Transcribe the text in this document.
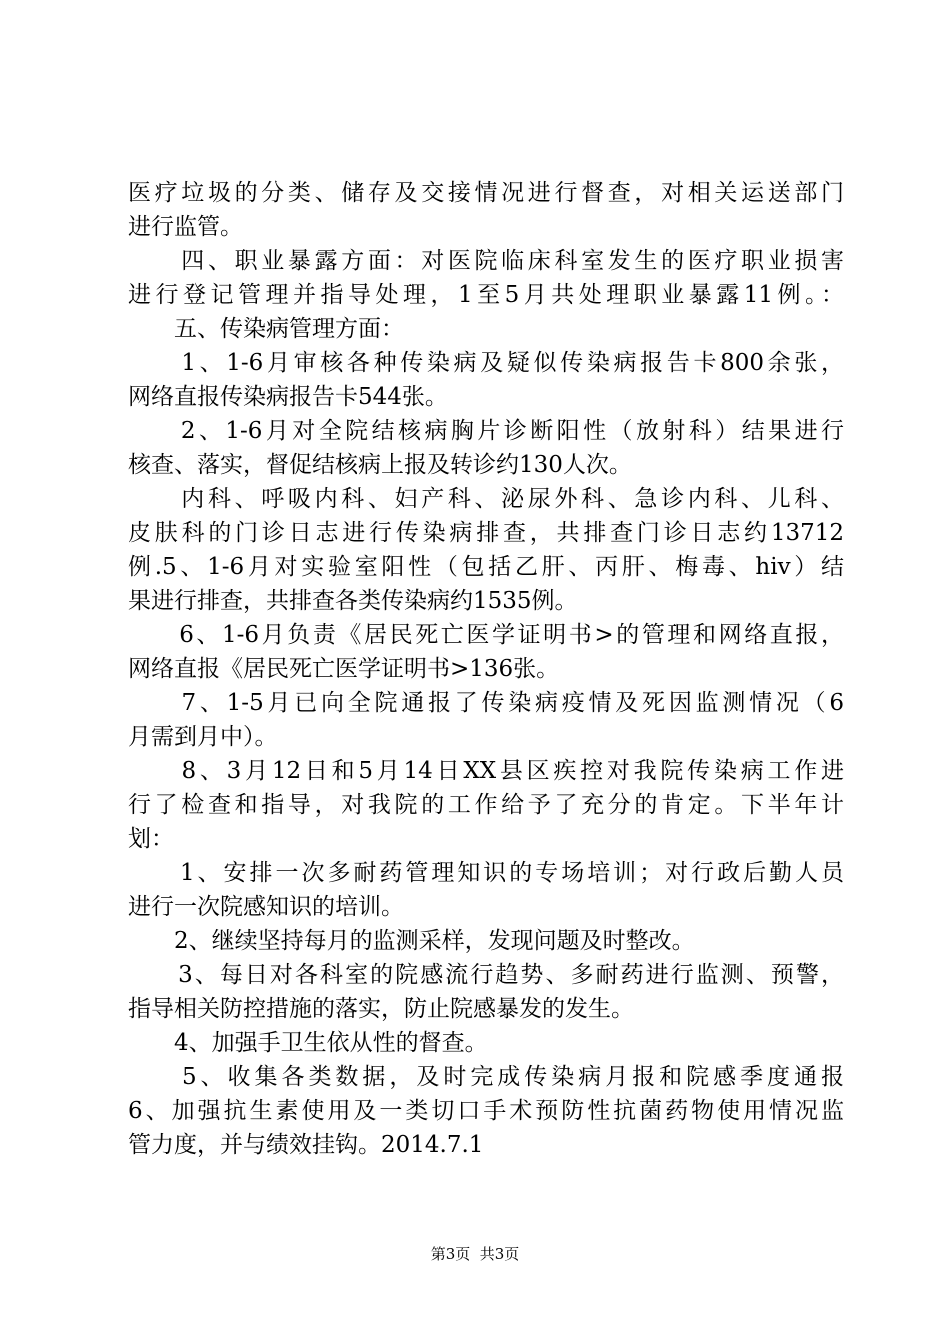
医疗垃圾的分类、储存及交接情况进行督查，对相关运送部门
进行监管。
　　四、职业暴露方面：对医院临床科室发生的医疗职业损害
进行登记管理并指导处理，1至5月共处理职业暴露11例。：
　　五、传染病管理方面：
　　1、1-6月审核各种传染病及疑似传染病报告卡800余张，
网络直报传染病报告卡544张。
　　2、1-6月对全院结核病胸片诊断阳性（放射科）结果进行
核查、落实，督促结核病上报及转诊约130人次。
　　内科、呼吸内科、妇产科、泌尿外科、急诊内科、儿科、
皮肤科的门诊日志进行传染病排查，共排查门诊日志约13712
例.5、1-6月对实验室阳性（包括乙肝、丙肝、梅毒、hiv）结
果进行排查，共排查各类传染病约1535例。
　　6、1-6月负责《居民死亡医学证明书>的管理和网络直报，
网络直报《居民死亡医学证明书>136张。
　　7、1-5月已向全院通报了传染病疫情及死因监测情况（6
月需到月中）。
　　8、3月12日和5月14日XX县区疾控对我院传染病工作进
行了检查和指导，对我院的工作给予了充分的肯定。下半年计
划：
　　1、安排一次多耐药管理知识的专场培训；对行政后勤人员
进行一次院感知识的培训。
　　2、继续坚持每月的监测采样，发现问题及时整改。
　　3、每日对各科室的院感流行趋势、多耐药进行监测、预警，
指导相关防控措施的落实，防止院感暴发的发生。
　　4、加强手卫生依从性的督查。
　　5、收集各类数据，及时完成传染病月报和院感季度通报
6、加强抗生素使用及一类切口手术预防性抗菌药物使用情况监
管力度，并与绩效挂钩。2014.7.1
第3页  共3页
